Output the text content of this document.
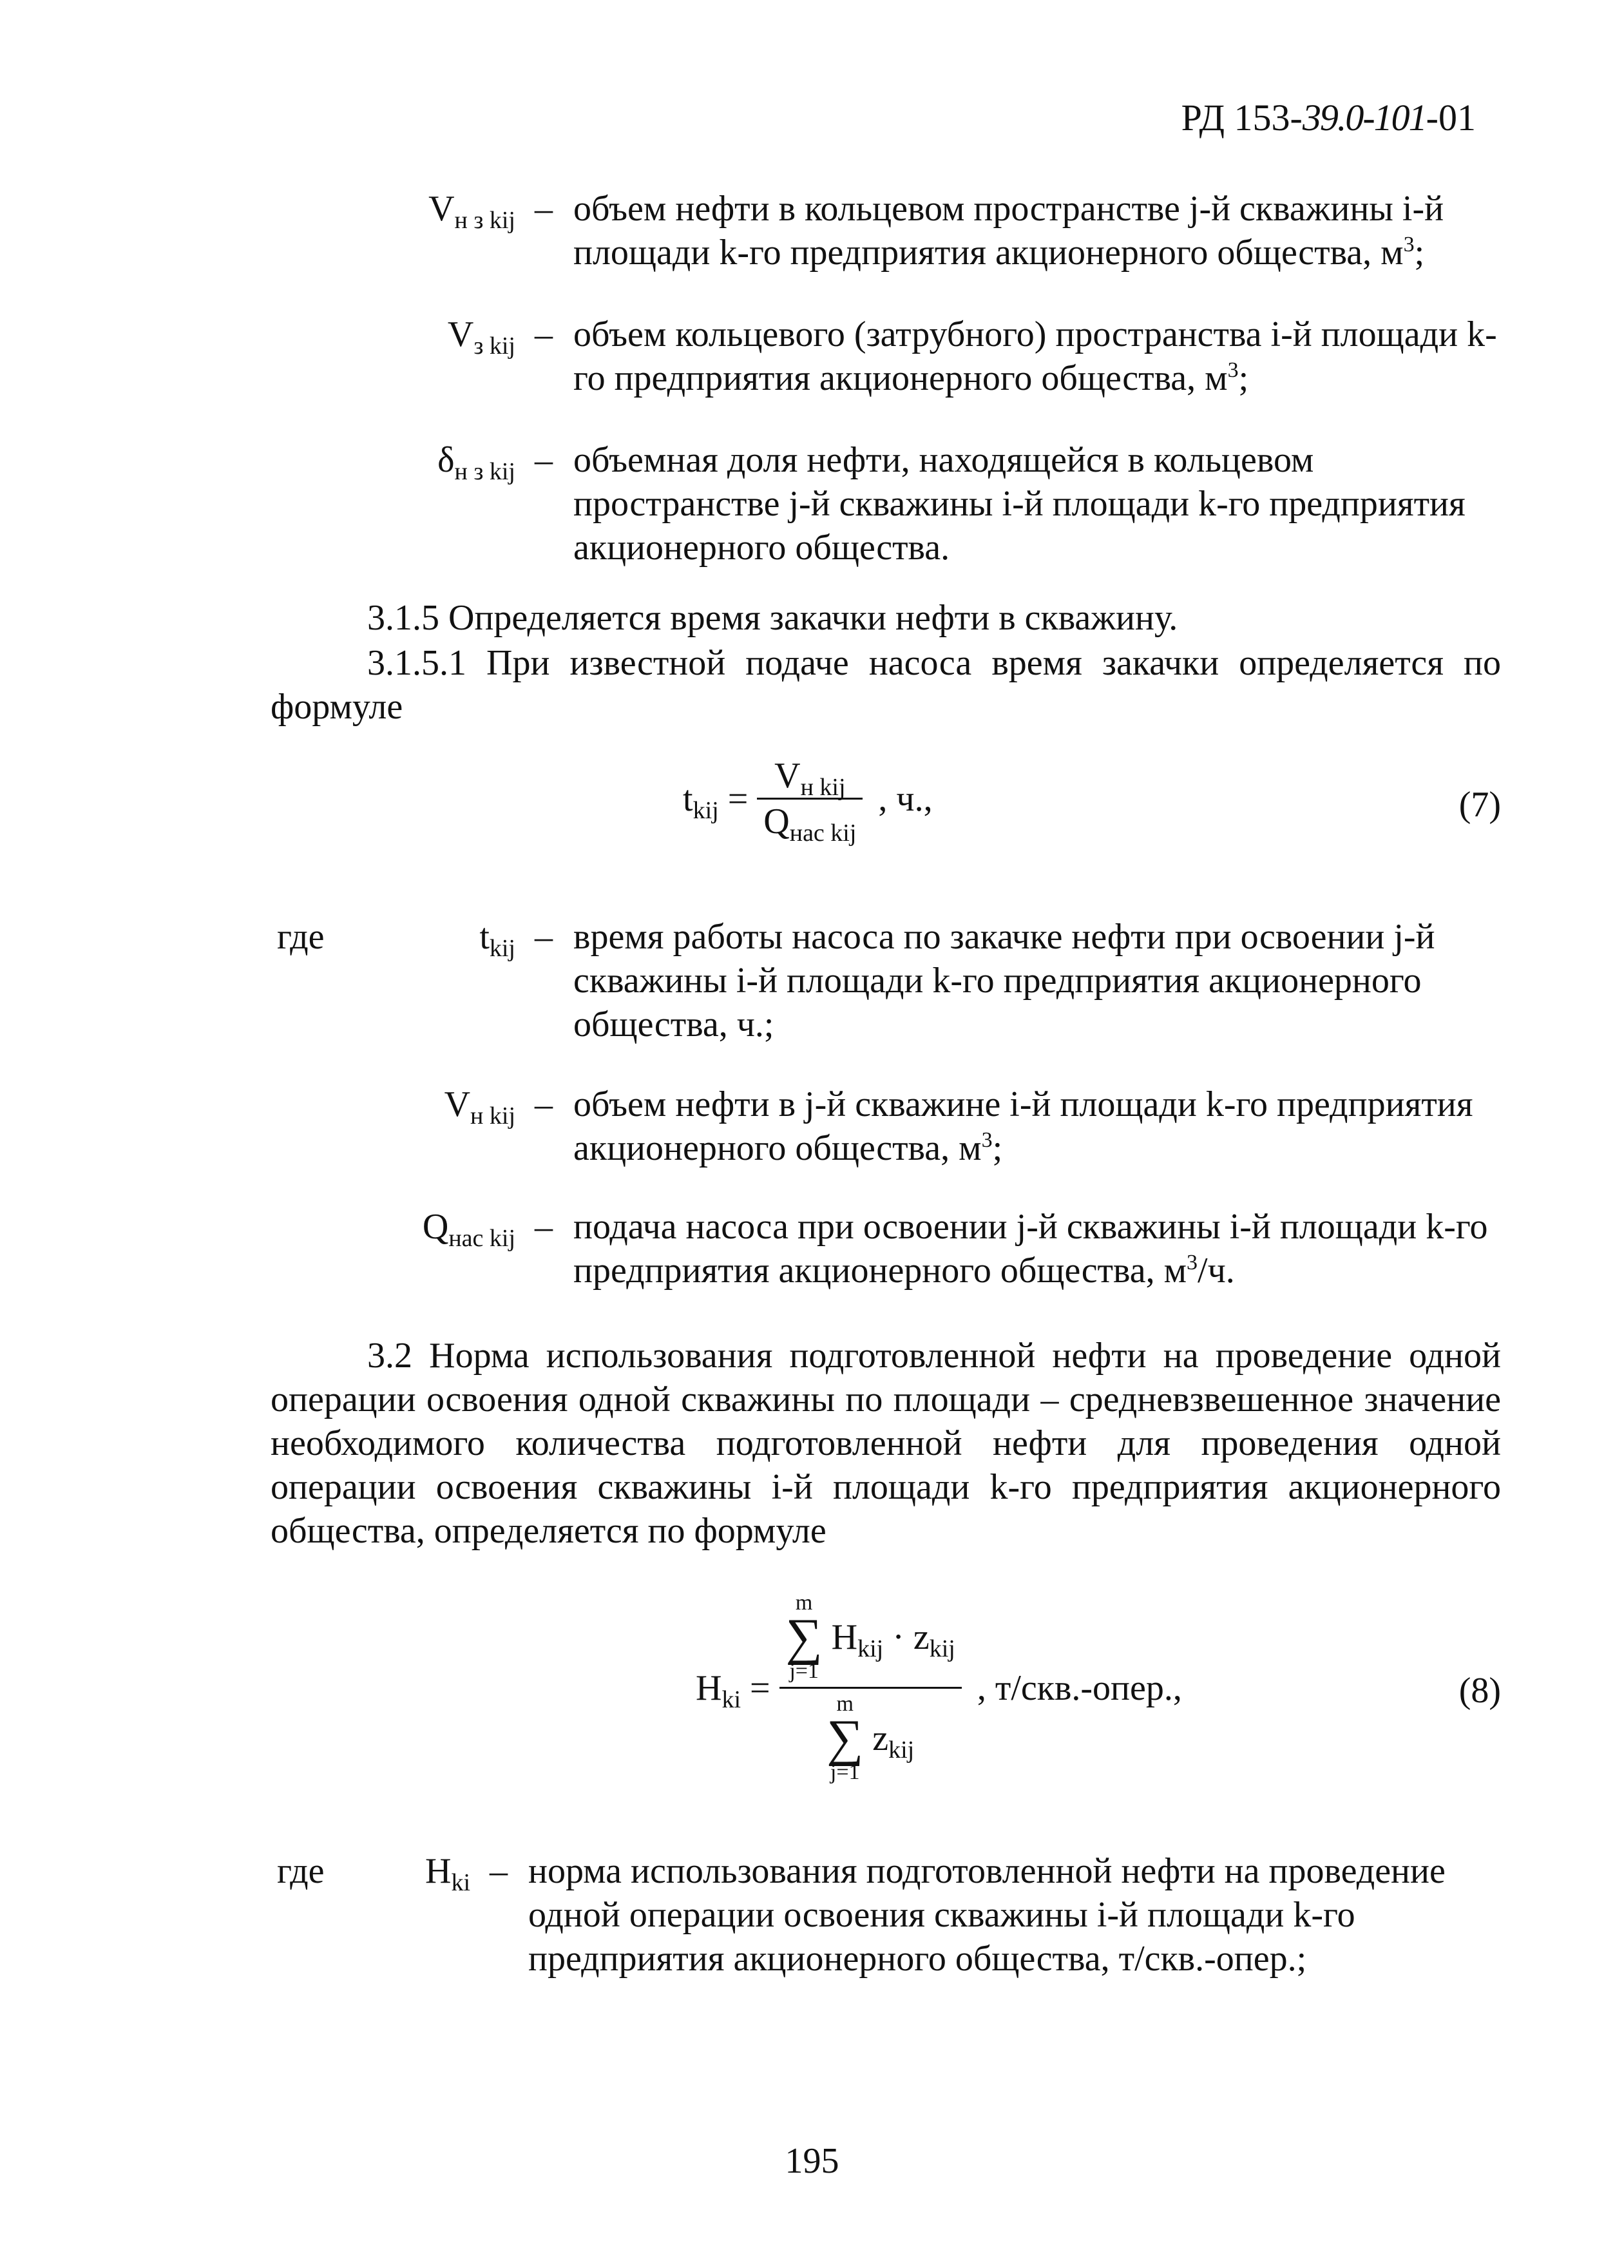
РД 153-39.0-101-01
$V_{н з kij}$ – объем нефти в кольцевом пространстве j-й скважины i-й площади k-го предприятия акционерного общества, $м^3$;
$V_{з kij}$ – объем кольцевого (затрубного) пространства i-й площади k-го предприятия акционерного общества, $м^3$;
$\delta_{н з kij}$ – объемная доля нефти, находящейся в кольцевом пространстве j-й скважины i-й площади k-го предприятия акционерного общества.
3.1.5 Определяется время закачки нефти в скважину.
3.1.5.1 При известной подаче насоса время закачки определяется по формуле
$t_{kij} = \frac{V_{н kij}}{Q_{нас kij}}$ , ч.,	(7)
где	$t_{kij}$ – время работы насоса по закачке нефти при освоении j-й скважины i-й площади k-го предприятия акционерного общества, ч.;
$V_{н kij}$ – объем нефти в j-й скважине i-й площади k-го предприятия акционерного общества, $м^3$;
$Q_{нас kij}$ – подача насоса при освоении j-й скважины i-й площади k-го предприятия акционерного общества, $м^3/ч$.
3.2 Норма использования подготовленной нефти на проведение одной операции освоения одной скважины по площади – средневзвешенное значение необходимого количества подготовленной нефти для проведения одной операции освоения скважины i-й площади k-го предприятия акционерного общества, определяется по формуле
$H_{ki}$ =
m
∑
j=1
$H_{kij} \cdot z_{kij}$
m
∑
j=1
$z_{kij}$
, т/скв.-опер.,	(8)
где	$H_{ki}$ – норма использования подготовленной нефти на проведение одной операции освоения скважины i-й площади k-го предприятия акционерного общества, т/скв.-опер.;
195
